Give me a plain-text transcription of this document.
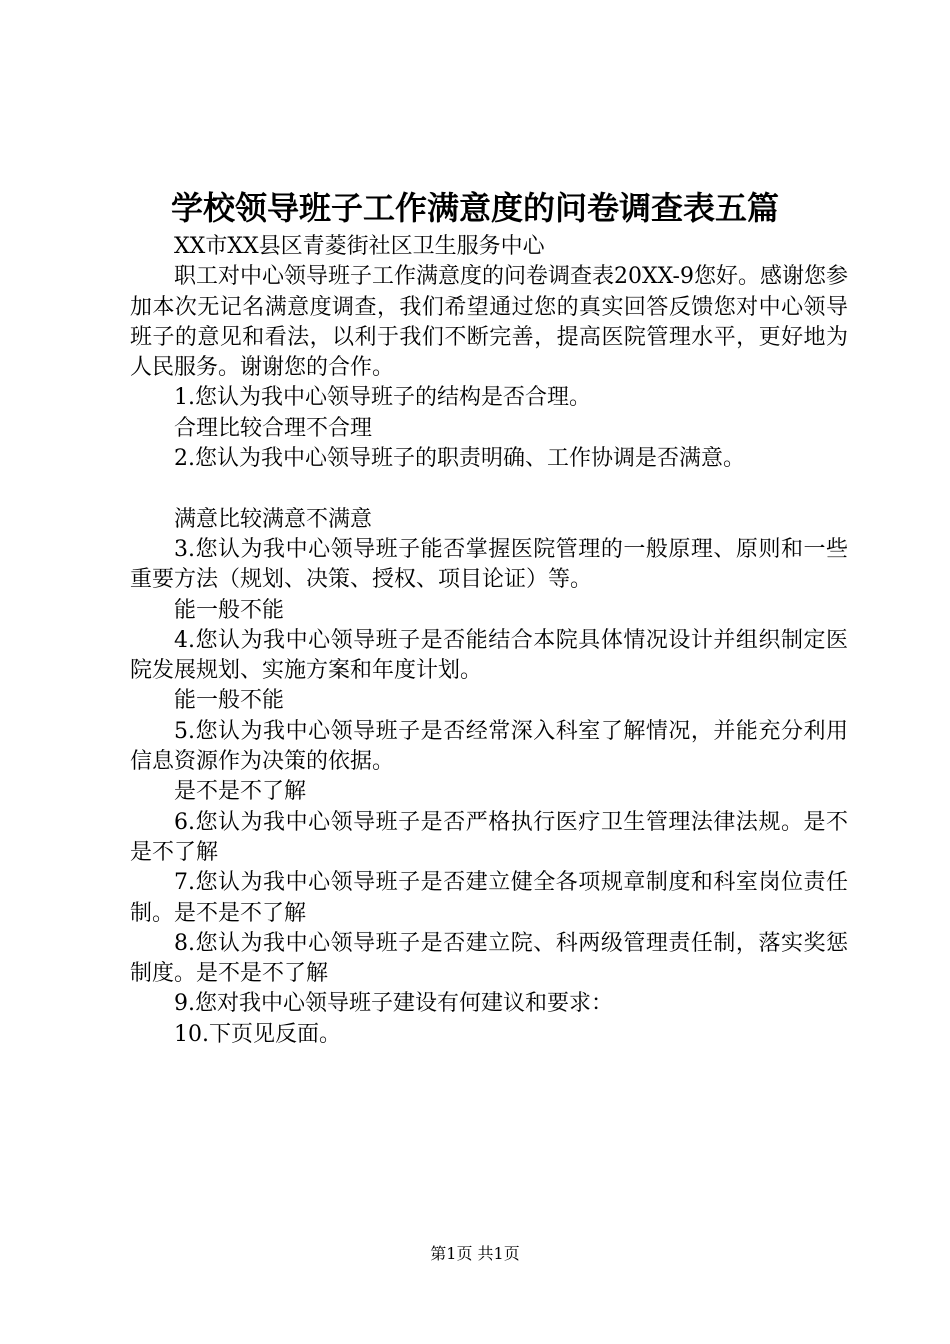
学校领导班子工作满意度的问卷调查表五篇

XX市XX县区青菱街社区卫生服务中心

职工对中心领导班子工作满意度的问卷调查表20XX-9您好。感谢您参加本次无记名满意度调查，我们希望通过您的真实回答反馈您对中心领导班子的意见和看法，以利于我们不断完善，提高医院管理水平，更好地为人民服务。谢谢您的合作。

1.您认为我中心领导班子的结构是否合理。

合理比较合理不合理

2.您认为我中心领导班子的职责明确、工作协调是否满意。

满意比较满意不满意

3.您认为我中心领导班子能否掌握医院管理的一般原理、原则和一些重要方法（规划、决策、授权、项目论证）等。

能一般不能

4.您认为我中心领导班子是否能结合本院具体情况设计并组织制定医院发展规划、实施方案和年度计划。

能一般不能

5.您认为我中心领导班子是否经常深入科室了解情况，并能充分利用信息资源作为决策的依据。

是不是不了解

6.您认为我中心领导班子是否严格执行医疗卫生管理法律法规。是不是不了解

7.您认为我中心领导班子是否建立健全各项规章制度和科室岗位责任制。是不是不了解

8.您认为我中心领导班子是否建立院、科两级管理责任制，落实奖惩制度。是不是不了解

9.您对我中心领导班子建设有何建议和要求：

10.下页见反面。

第1页 共1页
